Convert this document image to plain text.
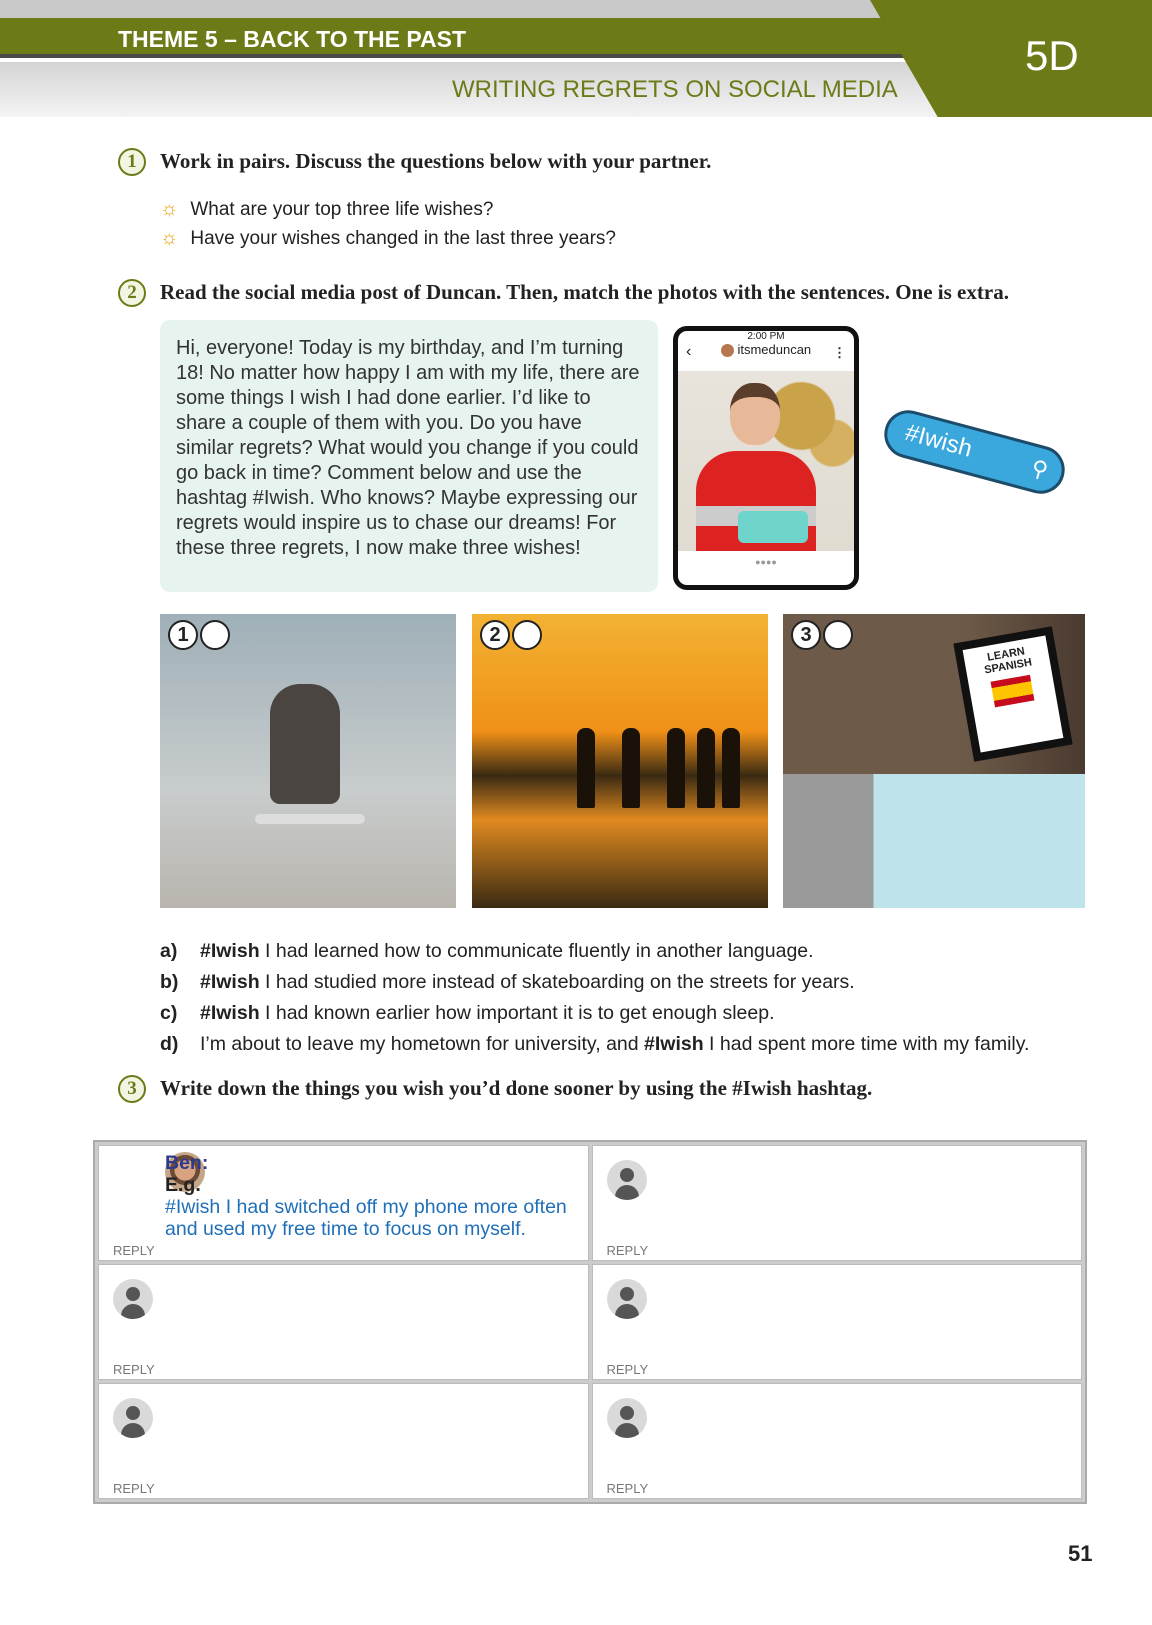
THEME 5 – BACK TO THE PAST
WRITING REGRETS ON SOCIAL MEDIA
5D
1	Work in pairs. Discuss the questions below with your partner.
☼ What are your top three life wishes?
☼ Have your wishes changed in the last three years?
2	Read the social media post of Duncan. Then, match the photos with the sentences. One is extra.
Hi, everyone! Today is my birthday, and I’m turning 18! No matter how happy I am with my life, there are some things I wish I had done earlier. I’d like to share a couple of them with you. Do you have similar regrets? What would you change if you could go back in time? Comment below and use the hashtag #Iwish. Who knows? Maybe expressing our regrets would inspire us to chase our dreams! For these three regrets, I now make three wishes!
2:00 PM
‹	itsmeduncan ⋮
●●●●
#Iwish
⚲
1	2	3
LEARN SPANISH
a)	#Iwish I had learned how to communicate fluently in another language.
b)	#Iwish I had studied more instead of skateboarding on the streets for years.
c)	#Iwish I had known earlier how important it is to get enough sleep.
d)	I’m about to leave my hometown for university, and #Iwish I had spent more time with my family.
3	Write down the things you wish you’d done sooner by using the #Iwish hashtag.
Ben:
E.g.
#Iwish I had switched off my phone more often and used my free time to focus on myself.
REPLY	REPLY
REPLY	REPLY
REPLY	REPLY
51
